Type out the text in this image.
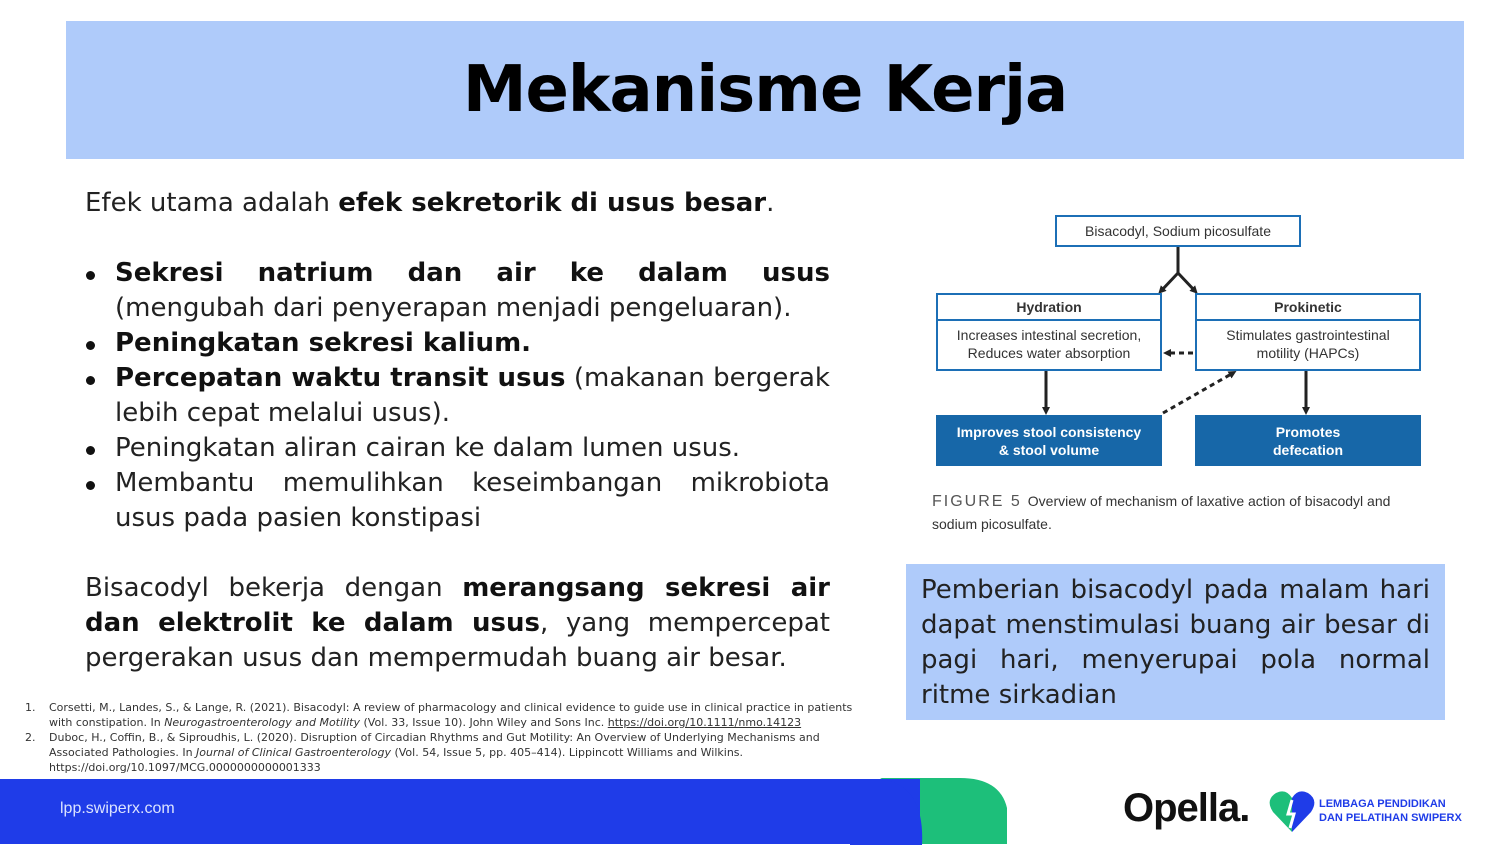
Mekanisme Kerja

Efek utama adalah efek sekretorik di usus besar.

Sekresi natrium dan air ke dalam usus (mengubah dari penyerapan menjadi pengeluaran).
Peningkatan sekresi kalium.
Percepatan waktu transit usus (makanan bergerak lebih cepat melalui usus).
Peningkatan aliran cairan ke dalam lumen usus.
Membantu memulihkan keseimbangan mikrobiota usus pada pasien konstipasi

Bisacodyl bekerja dengan merangsang sekresi air dan elektrolit ke dalam usus, yang mempercepat pergerakan usus dan mempermudah buang air besar.

1. Corsetti, M., Landes, S., & Lange, R. (2021). Bisacodyl: A review of pharmacology and clinical evidence to guide use in clinical practice in patients with constipation. In Neurogastroenterology and Motility (Vol. 33, Issue 10). John Wiley and Sons Inc. https://doi.org/10.1111/nmo.14123
2. Duboc, H., Coffin, B., & Siproudhis, L. (2020). Disruption of Circadian Rhythms and Gut Motility: An Overview of Underlying Mechanisms and Associated Pathologies. In Journal of Clinical Gastroenterology (Vol. 54, Issue 5, pp. 405–414). Lippincott Williams and Wilkins. https://doi.org/10.1097/MCG.0000000000001333
Bisacodyl, Sodium picosulfate
Hydration
Increases intestinal secretion,
Reduces water absorption
Prokinetic
Stimulates gastrointestinal
motility (HAPCs)
Improves stool consistency
& stool volume
Promotes
defecation
FIGURE 5 Overview of mechanism of laxative action of bisacodyl and sodium picosulfate.
Pemberian bisacodyl pada malam hari dapat menstimulasi buang air besar di pagi hari, menyerupai pola normal ritme sirkadian
lpp.swiperx.com	Opella.	LEMBAGA PENDIDIKAN
DAN PELATIHAN SWIPERX
